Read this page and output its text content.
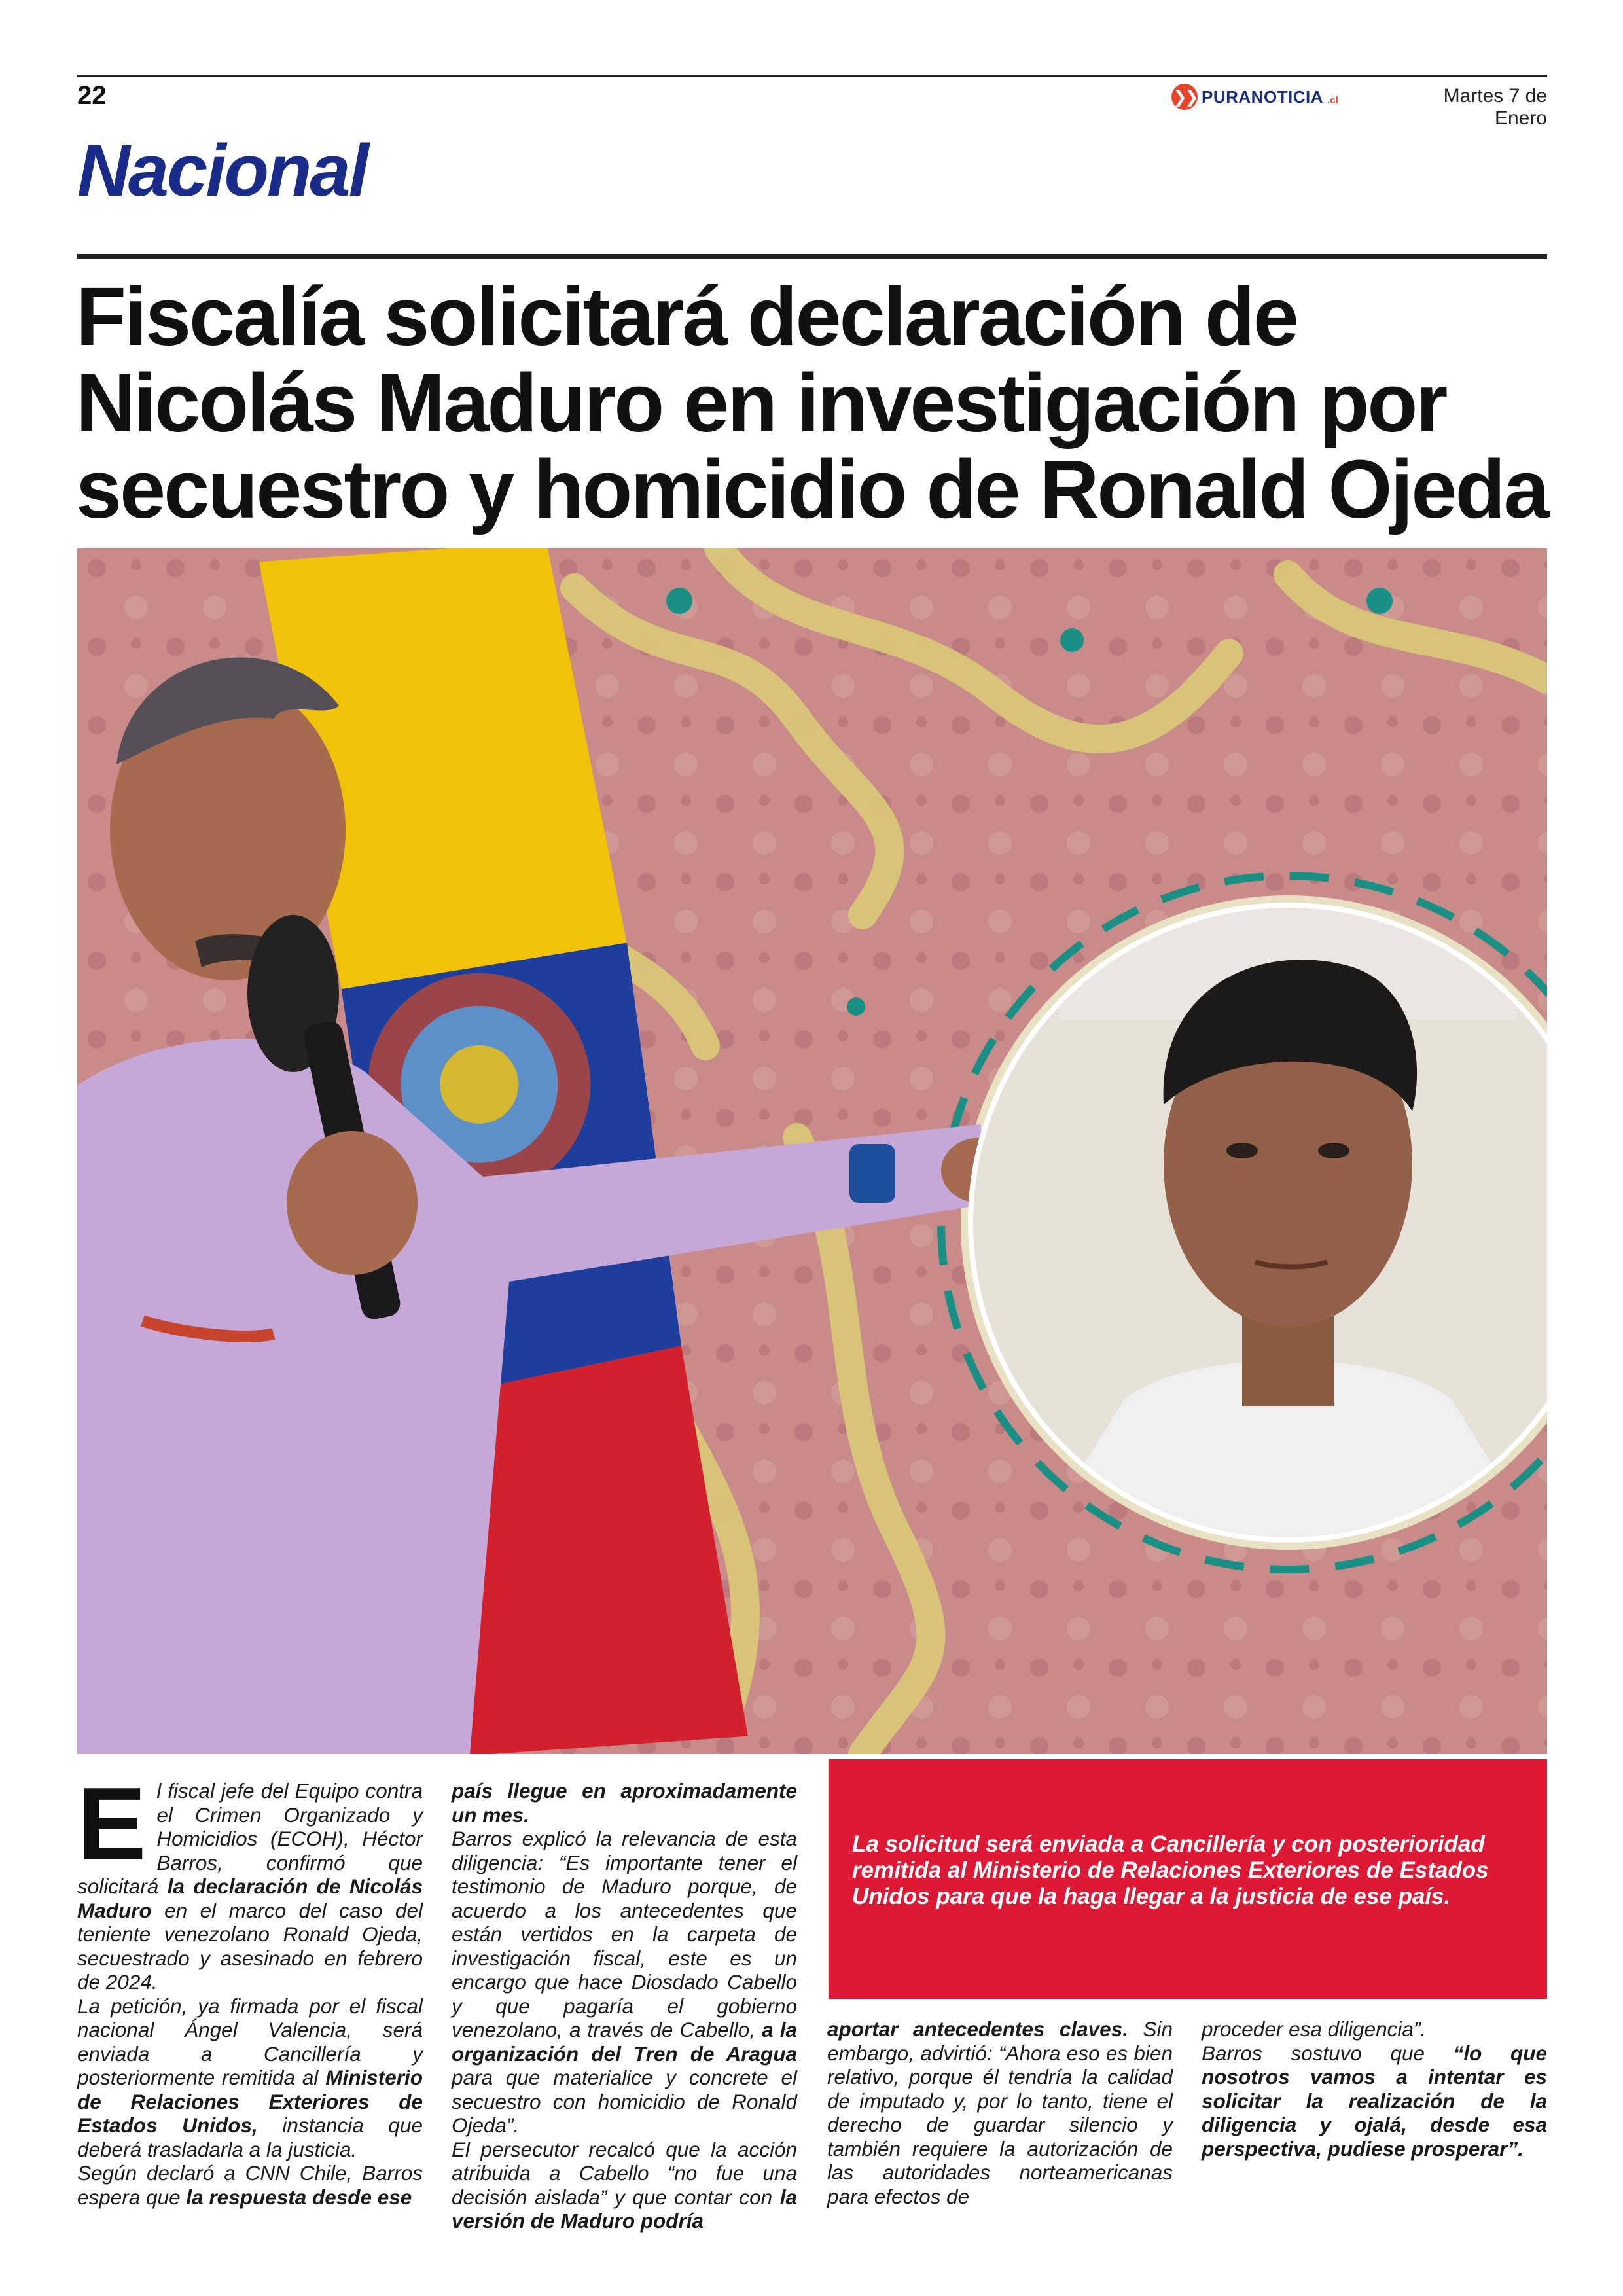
22	❯❯ PURANOTICIA .cl	Martes 7 de Enero
Nacional
Fiscalía solicitará declaración de Nicolás Maduro en investigación por secuestro y homicidio de Ronald Ojeda

El fiscal jefe del Equipo contra el Crimen Organizado y Homicidios (ECOH), Héctor Barros, confirmó que solicitará la declaración de Nicolás Maduro en el marco del caso del teniente venezolano Ronald Ojeda, secuestrado y asesinado en febrero de 2024.

La petición, ya firmada por el fiscal nacional Ángel Valencia, será enviada a Cancillería y posteriormente remitida al Ministerio de Relaciones Exteriores de Estados Unidos, instancia que deberá trasladarla a la justicia.

Según declaró a CNN Chile, Barros espera que la respuesta desde ese

país llegue en aproximadamente un mes.

Barros explicó la relevancia de esta diligencia: “Es importante tener el testimonio de Maduro porque, de acuerdo a los antecedentes que están vertidos en la carpeta de investigación fiscal, este es un encargo que hace Diosdado Cabello y que pagaría el gobierno venezolano, a través de Cabello, a la organización del Tren de Aragua para que materialice y concrete el secuestro con homicidio de Ronald Ojeda”.

El persecutor recalcó que la acción atribuida a Cabello “no fue una decisión aislada” y que contar con la versión de Maduro podría

La solicitud será enviada a Cancillería y con posterioridad remitida al Ministerio de Relaciones Exteriores de Estados Unidos para que la haga llegar a la justicia de ese país.

aportar antecedentes claves. Sin embargo, advirtió: “Ahora eso es bien relativo, porque él tendría la calidad de imputado y, por lo tanto, tiene el derecho de guardar silencio y también requiere la autorización de las autoridades norteamericanas para efectos de

proceder esa diligencia”.

Barros sostuvo que “lo que nosotros vamos a intentar es solicitar la realización de la diligencia y ojalá, desde esa perspectiva, pudiese prosperar”.
